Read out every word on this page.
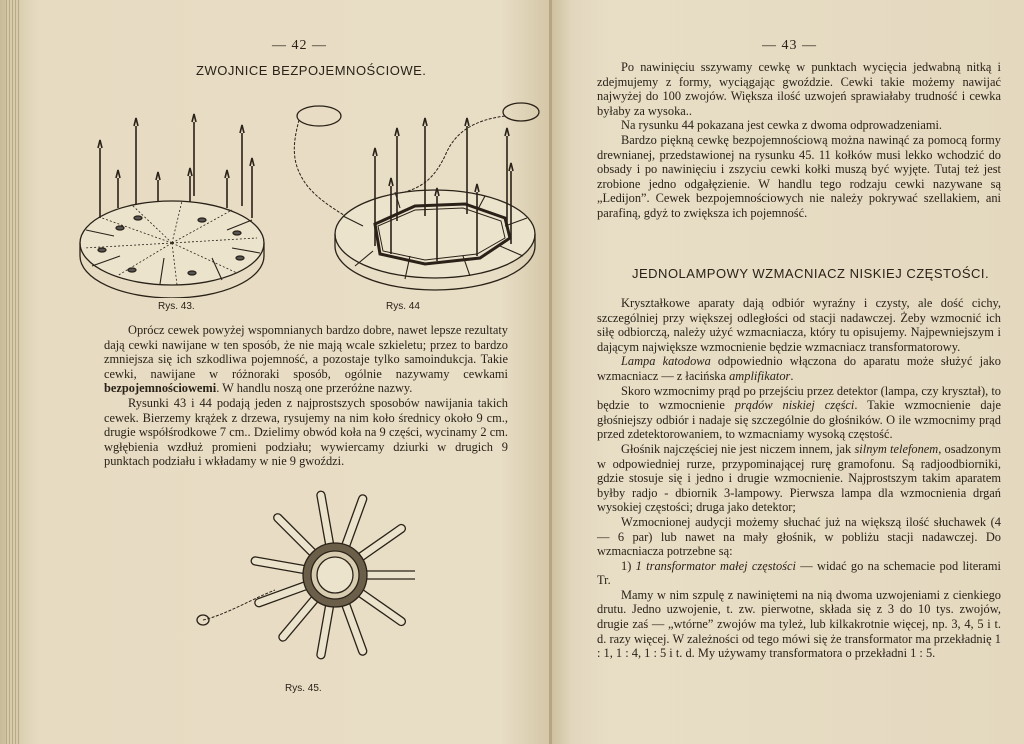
— 42 —
ZWOJNICE BEZPOJEMNOŚCIOWE.
Rys. 43.	Rys. 44

Oprócz cewek powyżej wspomnianych bardzo dobre, nawet lepsze rezultaty dają cewki nawijane w ten sposób, że nie mają wcale szkieletu; przez to bardzo zmniejsza się ich szkodliwa pojemność, a pozostaje tylko samoindukcja. Takie cewki, nawijane w różnoraki sposób, ogólnie nazywamy cewkami bezpojemnościowemi. W handlu noszą one przeróżne nazwy.

Rysunki 43 i 44 podają jeden z najprostszych sposobów nawijania takich cewek. Bierzemy krążek z drzewa, rysujemy na nim koło średnicy około 9 cm., drugie współśrodkowe 7 cm.. Dzielimy obwód koła na 9 części, wycinamy 2 cm. wgłębienia wzdłuż promieni podziału; wywiercamy dziurki w drugich 9 punktach podziału i wkładamy w nie 9 gwoździ.

Rys. 45.
— 43 —

Po nawinięciu sszywamy cewkę w punktach wycięcia jedwabną nitką i zdejmujemy z formy, wyciągając gwoździe. Cewki takie możemy nawijać najwyżej do 100 zwojów. Większa ilość uzwojeń sprawiałaby trudność i cewka byłaby za wysoka..

Na rysunku 44 pokazana jest cewka z dwoma odprowadzeniami.

Bardzo piękną cewkę bezpojemnościową można nawinąć za pomocą formy drewnianej, przedstawionej na rysunku 45. 11 kołków musi lekko wchodzić do obsady i po nawinięciu i zszyciu cewki kołki muszą być wyjęte. Tutaj też jest zrobione jedno odgałęzienie. W handlu tego rodzaju cewki nazywane są „Ledijon”. Cewek bezpojemnościowych nie należy pokrywać szellakiem, ani parafiną, gdyż to zwiększa ich pojemność.

JEDNOLAMPOWY WZMACNIACZ NISKIEJ CZĘSTOŚCI.

Kryształkowe aparaty dają odbiór wyraźny i czysty, ale dość cichy, szczególniej przy większej odległości od stacji nadawczej. Żeby wzmocnić ich siłę odbiorczą, należy użyć wzmacniacza, który tu opisujemy. Najpewniejszym i dającym największe wzmocnienie będzie wzmacniacz transformatorowy.

Lampa katodowa odpowiednio włączona do aparatu może służyć jako wzmacniacz — z łacińska amplifikator.

Skoro wzmocnimy prąd po przejściu przez detektor (lampa, czy kryształ), to będzie to wzmocnienie prądów niskiej części. Takie wzmocnienie daje głośniejszy odbiór i nadaje się szczególnie do głośników. O ile wzmocnimy prąd przed zdetektorowaniem, to wzmacniamy wysoką częstość.

Głośnik najczęściej nie jest niczem innem, jak silnym telefonem, osadzonym w odpowiedniej rurze, przypominającej rurę gramofonu. Są radjoodbiorniki, gdzie stosuje się i jedno i drugie wzmocnienie. Najprostszym takim aparatem byłby radjo - dbiornik 3-lampowy. Pierwsza lampa dla wzmocnienia drgań wysokiej częstości; druga jako detektor;

Wzmocnionej audycji możemy słuchać już na większą ilość słuchawek (4 — 6 par) lub nawet na mały głośnik, w pobliżu stacji nadawczej. Do wzmacniacza potrzebne są:

1) 1 transformator małej częstości — widać go na schemacie pod literami Tr.

Mamy w nim szpulę z nawiniętemi na nią dwoma uzwojeniami z cienkiego drutu. Jedno uzwojenie, t. zw. pierwotne, składa się z 3 do 10 tys. zwojów, drugie zaś — „wtórne” zwojów ma tyleż, lub kilkakrotnie więcej, np. 3, 4, 5 i t. d. razy więcej. W zależności od tego mówi się że transformator ma przekładnię 1 : 1, 1 : 4, 1 : 5 i t. d. My używamy transformatora o przekładni 1 : 5.
